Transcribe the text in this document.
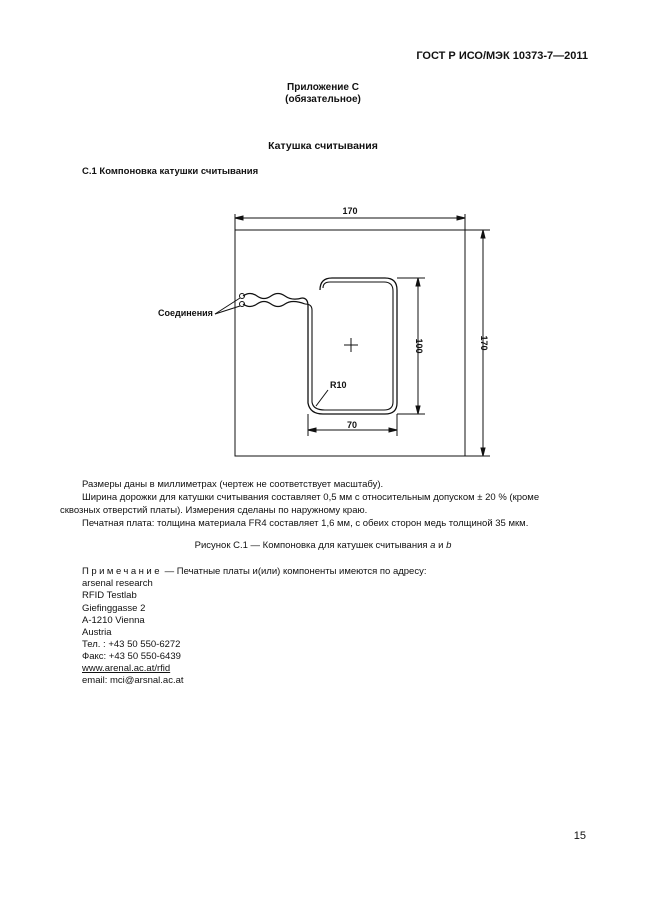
ГОСТ Р ИСО/МЭК 10373-7—2011
Приложение С
(обязательное)
Катушка считывания
С.1 Компоновка катушки считывания
170
170
100
70
R10
Соединения
Размеры даны в миллиметрах (чертеж не соответствует масштабу).
Ширина дорожки для катушки считывания составляет 0,5 мм с относительным допуском ± 20 % (кроме
сквозных отверстий платы). Измерения сделаны по наружному краю.
Печатная плата: толщина материала FR4 составляет 1,6 мм, с обеих сторон медь толщиной 35 мкм.
Рисунок С.1 — Компоновка для катушек считывания a и b
Примечание — Печатные платы и(или) компоненты имеются по адресу:
arsenal research
RFID Testlab
Giefinggasse 2
A-1210 Vienna
Austria
Тел. : +43 50 550-6272
Факс: +43 50 550-6439
www.arenal.ac.at/rfid
email: mci@arsnal.ac.at
15
